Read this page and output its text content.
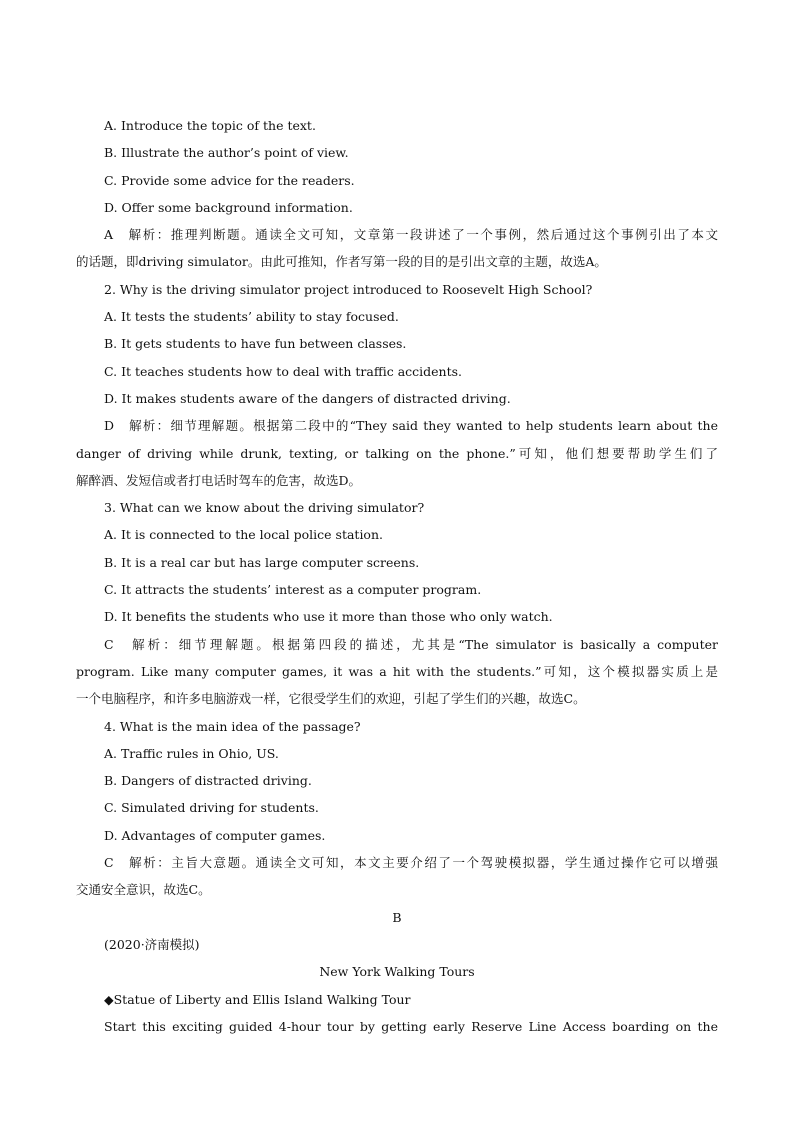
A. Introduce the topic of the text.
B. Illustrate the author’s point of view.
C. Provide some advice for the readers.
D. Offer some background information.
A　解析：推理判断题。通读全文可知，文章第一段讲述了一个事例，然后通过这个事例引出了本文
的话题，即driving simulator。由此可推知，作者写第一段的目的是引出文章的主题，故选A。
2. Why is the driving simulator project introduced to Roosevelt High School?
A. It tests the students’ ability to stay focused.
B. It gets students to have fun between classes.
C. It teaches students how to deal with traffic accidents.
D. It makes students aware of the dangers of distracted driving.
D　解析：细节理解题。根据第二段中的“They said they wanted to help students learn about the
danger of driving while drunk, texting, or talking on the phone.”可知，他们想要帮助学生们了
解醉酒、发短信或者打电话时驾车的危害，故选D。
3. What can we know about the driving simulator?
A. It is connected to the local police station.
B. It is a real car but has large computer screens.
C. It attracts the students’ interest as a computer program.
D. It benefits the students who use it more than those who only watch.
C　解析：细节理解题。根据第四段的描述，尤其是“The simulator is basically a computer
program. Like many computer games, it was a hit with the students.”可知，这个模拟器实质上是
一个电脑程序，和许多电脑游戏一样，它很受学生们的欢迎，引起了学生们的兴趣，故选C。
4. What is the main idea of the passage?
A. Traffic rules in Ohio, US.
B. Dangers of distracted driving.
C. Simulated driving for students.
D. Advantages of computer games.
C　解析：主旨大意题。通读全文可知，本文主要介绍了一个驾驶模拟器，学生通过操作它可以增强
交通安全意识，故选C。
B
(2020·济南模拟)
New York Walking Tours
◆Statue of Liberty and Ellis Island Walking Tour
Start this exciting guided 4-hour tour by getting early Reserve Line Access boarding on the
